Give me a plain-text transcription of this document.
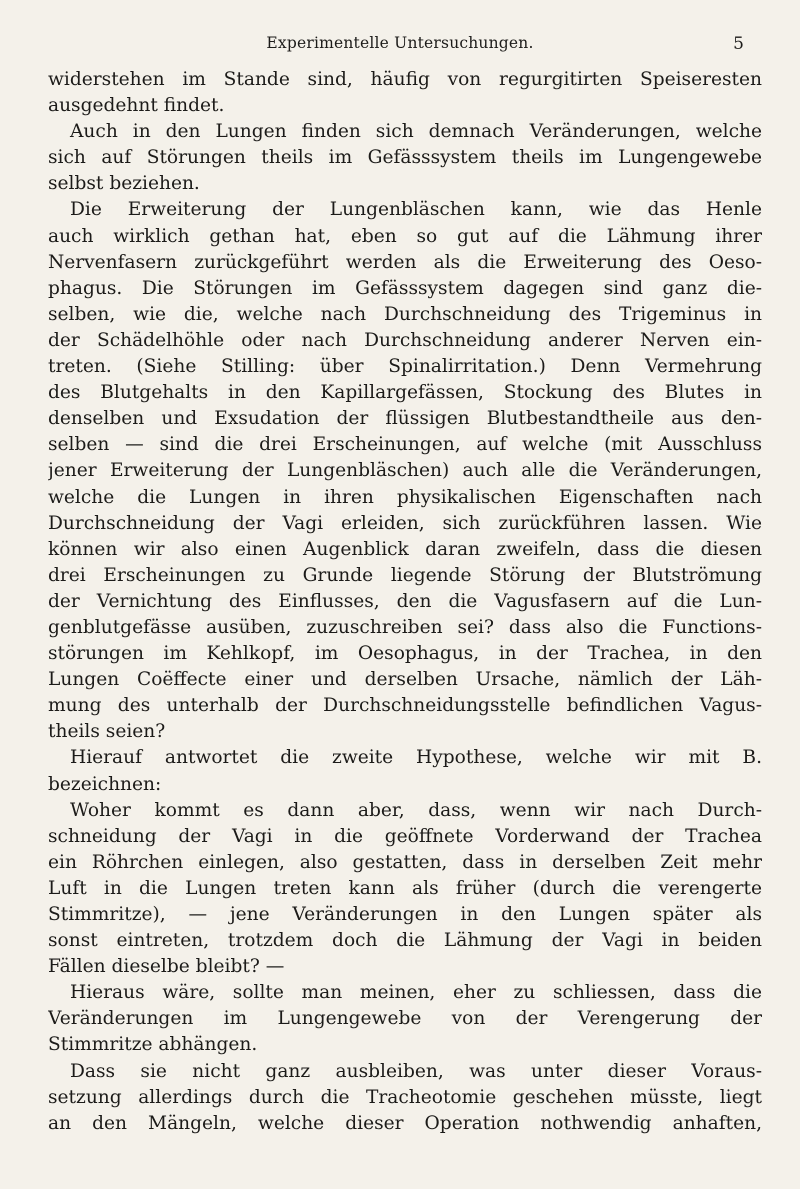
Experimentelle Untersuchungen.	5
widerstehen im Stande sind, häufig von regurgitirten Speiseresten
ausgedehnt findet.
Auch in den Lungen finden sich demnach Veränderungen, welche
sich auf Störungen theils im Gefässsystem theils im Lungengewebe
selbst beziehen.
Die Erweiterung der Lungenbläschen kann, wie das Henle
auch wirklich gethan hat, eben so gut auf die Lähmung ihrer
Nervenfasern zurückgeführt werden als die Erweiterung des Oeso-
phagus. Die Störungen im Gefässsystem dagegen sind ganz die-
selben, wie die, welche nach Durchschneidung des Trigeminus in
der Schädelhöhle oder nach Durchschneidung anderer Nerven ein-
treten. (Siehe Stilling: über Spinalirritation.) Denn Vermehrung
des Blutgehalts in den Kapillargefässen, Stockung des Blutes in
denselben und Exsudation der flüssigen Blutbestandtheile aus den-
selben — sind die drei Erscheinungen, auf welche (mit Ausschluss
jener Erweiterung der Lungenbläschen) auch alle die Veränderungen,
welche die Lungen in ihren physikalischen Eigenschaften nach
Durchschneidung der Vagi erleiden, sich zurückführen lassen. Wie
können wir also einen Augenblick daran zweifeln, dass die diesen
drei Erscheinungen zu Grunde liegende Störung der Blutströmung
der Vernichtung des Einflusses, den die Vagusfasern auf die Lun-
genblutgefässe ausüben, zuzuschreiben sei? dass also die Functions-
störungen im Kehlkopf, im Oesophagus, in der Trachea, in den
Lungen Coëffecte einer und derselben Ursache, nämlich der Läh-
mung des unterhalb der Durchschneidungsstelle befindlichen Vagus-
theils seien?
Hierauf antwortet die zweite Hypothese, welche wir mit B.
bezeichnen:
Woher kommt es dann aber, dass, wenn wir nach Durch-
schneidung der Vagi in die geöffnete Vorderwand der Trachea
ein Röhrchen einlegen, also gestatten, dass in derselben Zeit mehr
Luft in die Lungen treten kann als früher (durch die verengerte
Stimmritze), — jene Veränderungen in den Lungen später als
sonst eintreten, trotzdem doch die Lähmung der Vagi in beiden
Fällen dieselbe bleibt? —
Hieraus wäre, sollte man meinen, eher zu schliessen, dass die
Veränderungen im Lungengewebe von der Verengerung der
Stimmritze abhängen.
Dass sie nicht ganz ausbleiben, was unter dieser Voraus-
setzung allerdings durch die Tracheotomie geschehen müsste, liegt
an den Mängeln, welche dieser Operation nothwendig anhaften,
